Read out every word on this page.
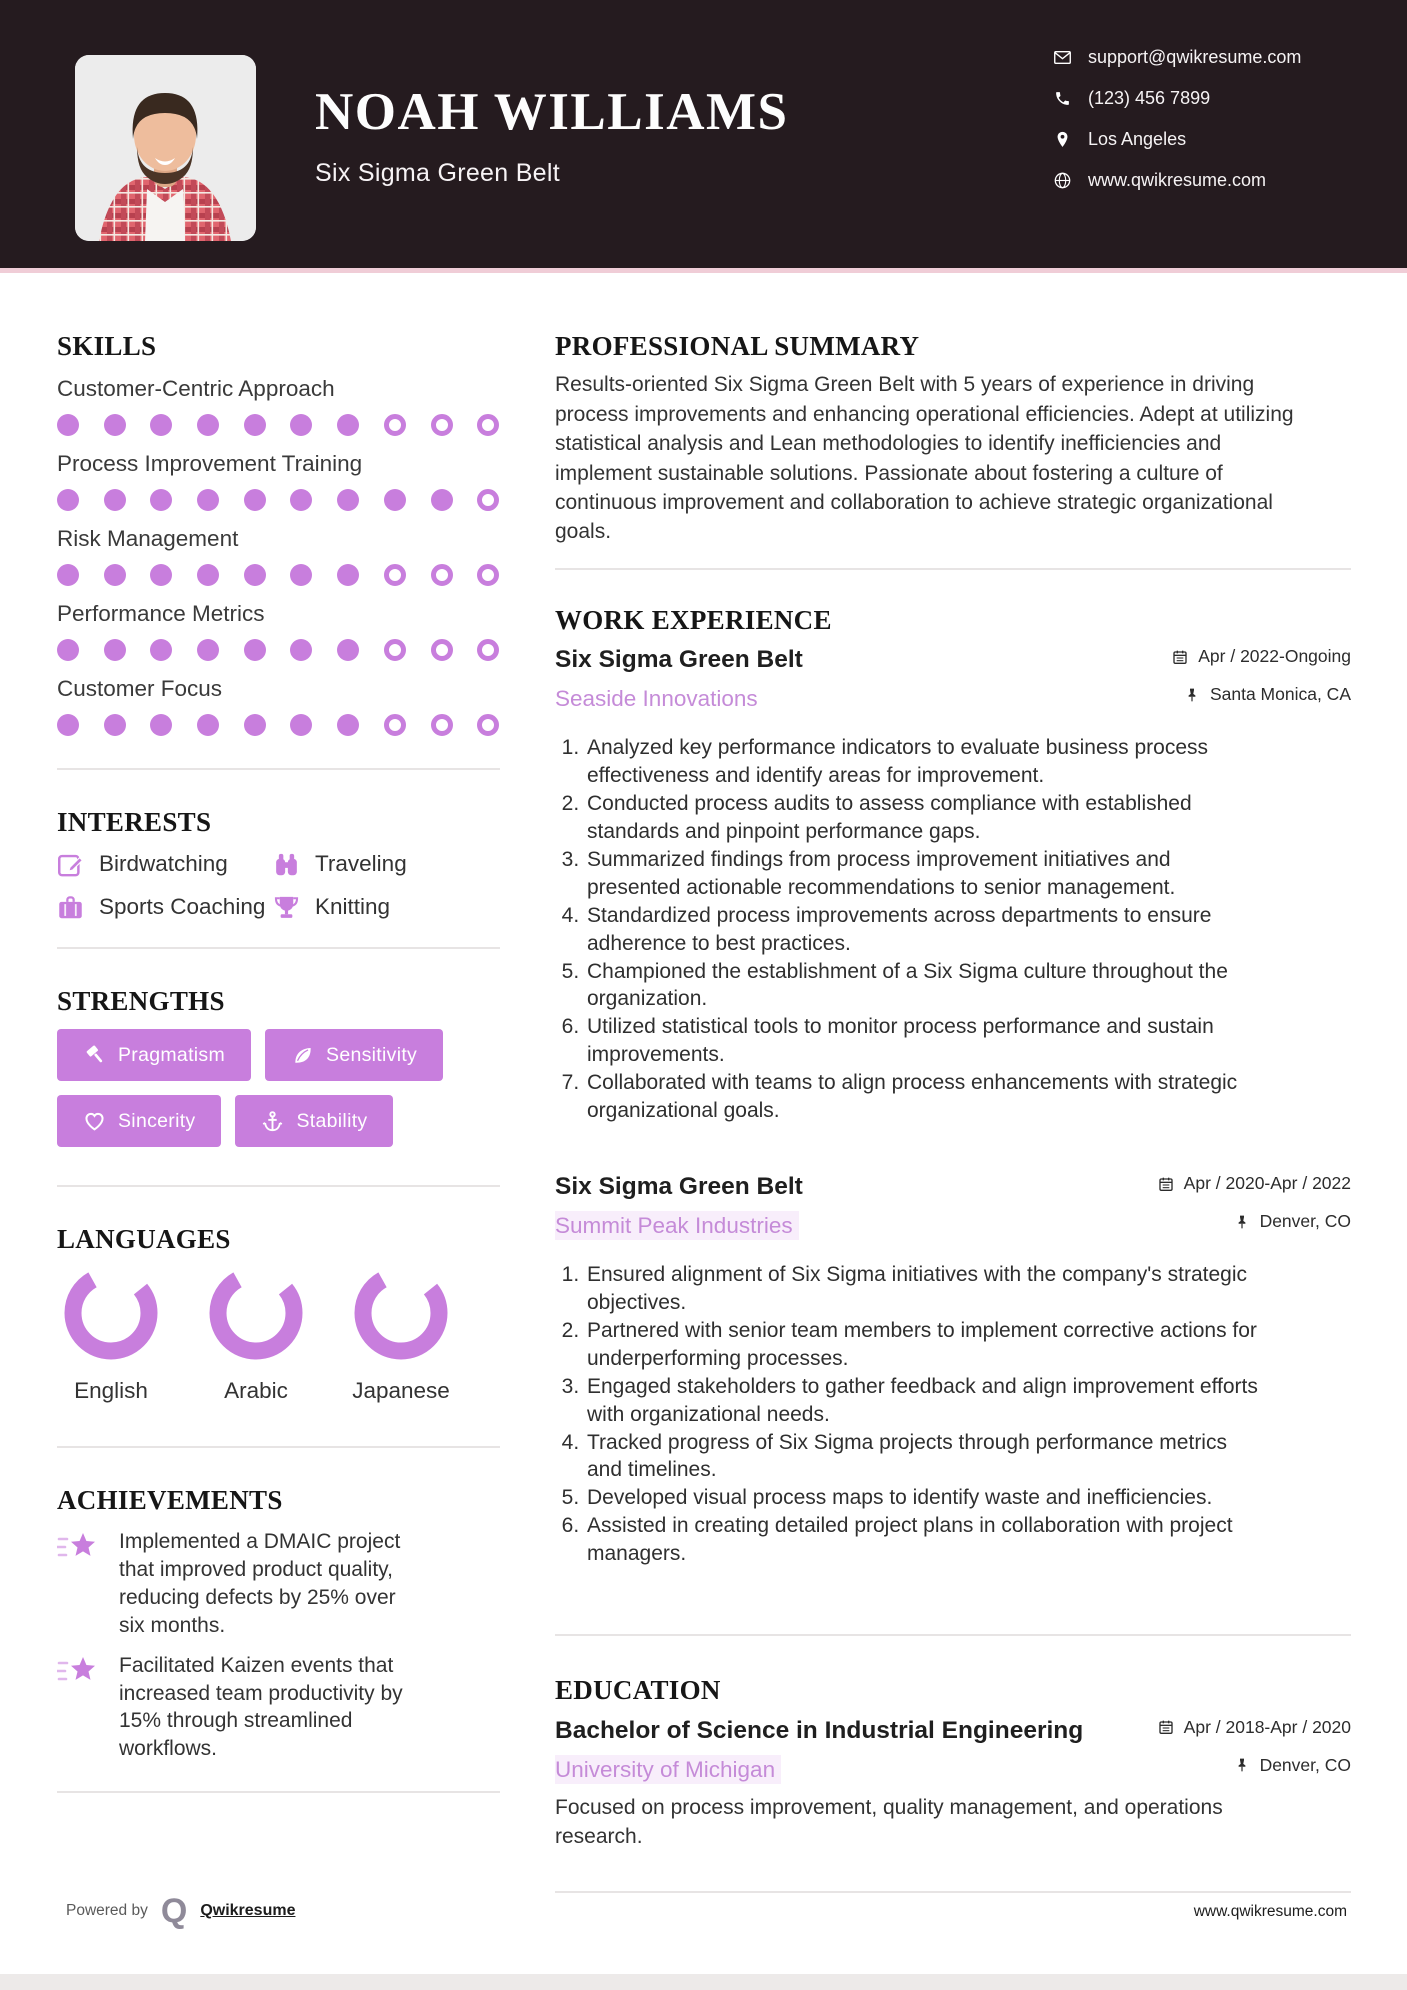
NOAH WILLIAMS
Six Sigma Green Belt
support@qwikresume.com
(123) 456 7899
Los Angeles
www.qwikresume.com
SKILLS
Customer-Centric Approach
Process Improvement Training
Risk Management
Performance Metrics
Customer Focus
INTERESTS
Birdwatching	Traveling
Sports Coaching Knitting
STRENGTHS
Pragmatism	Sensitivity
Sincerity	Stability
LANGUAGES
English	Arabic	Japanese
ACHIEVEMENTS
Implemented a DMAIC project that improved product quality, reducing defects by 25% over six months.
Facilitated Kaizen events that increased team productivity by 15% through streamlined workflows.
PROFESSIONAL SUMMARY

Results-oriented Six Sigma Green Belt with 5 years of experience in driving process improvements and enhancing operational efficiencies. Adept at utilizing statistical analysis and Lean methodologies to identify inefficiencies and implement sustainable solutions. Passionate about fostering a culture of continuous improvement and collaboration to achieve strategic organizational goals.

WORK EXPERIENCE
Six Sigma Green Belt
Seaside Innovations
Apr / 2022-Ongoing
Santa Monica, CA
1. Analyzed key performance indicators to evaluate business process effectiveness and identify areas for improvement.
2. Conducted process audits to assess compliance with established standards and pinpoint performance gaps.
3. Summarized findings from process improvement initiatives and presented actionable recommendations to senior management.
4. Standardized process improvements across departments to ensure adherence to best practices.
5. Championed the establishment of a Six Sigma culture throughout the organization.
6. Utilized statistical tools to monitor process performance and sustain improvements.
7. Collaborated with teams to align process enhancements with strategic organizational goals.
Six Sigma Green Belt
Summit Peak Industries
Apr / 2020-Apr / 2022
Denver, CO
1. Ensured alignment of Six Sigma initiatives with the company's strategic objectives.
2. Partnered with senior team members to implement corrective actions for underperforming processes.
3. Engaged stakeholders to gather feedback and align improvement efforts with organizational needs.
4. Tracked progress of Six Sigma projects through performance metrics and timelines.
5. Developed visual process maps to identify waste and inefficiencies.
6. Assisted in creating detailed project plans in collaboration with project managers.
EDUCATION
Bachelor of Science in Industrial Engineering
University of Michigan
Apr / 2018-Apr / 2020
Denver, CO
Focused on process improvement, quality management, and operations research.
Powered by Q Qwikresume	www.qwikresume.com
